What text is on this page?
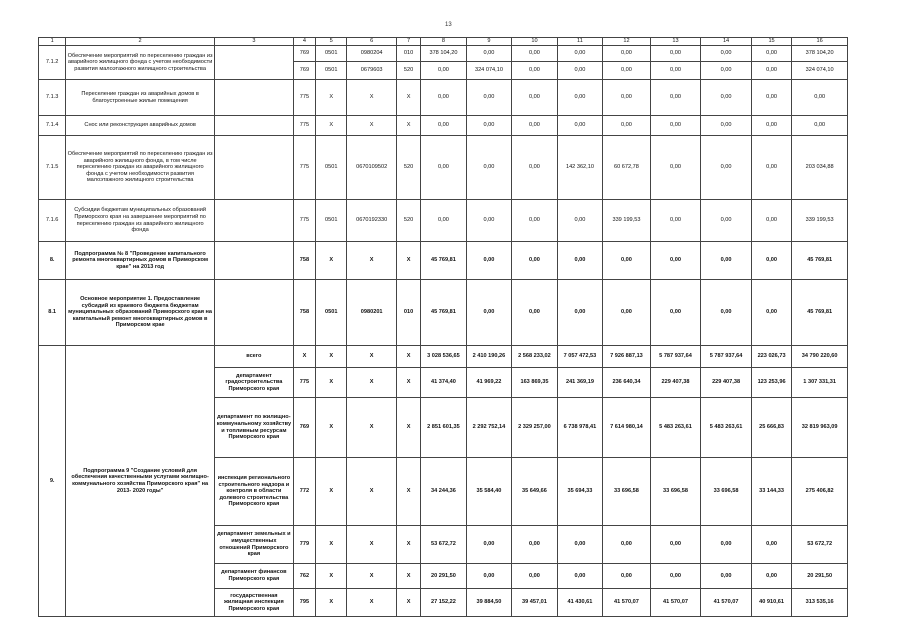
13
1	2	3	4	5	6	7	8	9	10	11	12	13	14	15	16
7.1.2	Обеспечение мероприятий по переселению граждан из аварийного жилищного фонда с учетом необходимости развития малоэтажного жилищного строительства		769	0501	0980204	010	378 104,20	0,00	0,00	0,00	0,00	0,00	0,00	0,00	378 104,20
			769	0501	0679603	520	0,00	324 074,10	0,00	0,00	0,00	0,00	0,00	0,00	324 074,10
7.1.3	Переселение граждан из аварийных домов в благоустроенные жилые помещения		775	X	X	X	0,00	0,00	0,00	0,00	0,00	0,00	0,00	0,00	0,00
7.1.4	Снос или реконструкция аварийных домов		775	X	X	X	0,00	0,00	0,00	0,00	0,00	0,00	0,00	0,00	0,00
7.1.5	Обеспечение мероприятий по переселению граждан из аварийного жилищного фонда, в том числе переселению граждан из аварийного жилищного фонда с учетом необходимости развития малоэтажного жилищного строительства		775	0501	0670109502	520	0,00	0,00	0,00	142 362,10	60 672,78	0,00	0,00	0,00	203 034,88
7.1.6	Субсидии бюджетам муниципальных образований Приморского края на завершение мероприятий по переселению граждан из аварийного жилищного фонда		775	0501	0670192330	520	0,00	0,00	0,00	0,00	339 199,53	0,00	0,00	0,00	339 199,53
8.	Подпрограмма № 8 "Проведение капитального ремонта многоквартирных домов в Приморском крае" на 2013 год		758	X	X	X	45 769,81	0,00	0,00	0,00	0,00	0,00	0,00	0,00	45 769,81
8.1	Основное мероприятие 1. Предоставление субсидий из краевого бюджета бюджетам муниципальных образований Приморского края на капитальный ремонт многоквартирных домов в Приморском крае		758	0501	0980201	010	45 769,81	0,00	0,00	0,00	0,00	0,00	0,00	0,00	45 769,81
9.	Подпрограмма 9 "Создание условий для обеспечения качественными услугами жилищно-коммунального хозяйства Приморского края" на 2013- 2020 годы"	всего	X	X	X	X	3 028 536,65	2 410 190,26	2 568 233,02	7 057 472,53	7 926 887,13	5 787 937,64	5 787 937,64	223 026,73	34 790 220,60
		департамент градостроительства Приморского края	775	X	X	X	41 374,40	41 969,22	163 869,35	241 369,19	236 640,34	229 407,38	229 407,38	123 253,96	1 307 331,31
		департамент по жилищно-коммунальному хозяйству и топливным ресурсам Приморского края	769	X	X	X	2 851 601,35	2 292 752,14	2 329 257,00	6 738 978,41	7 614 980,14	5 483 263,61	5 483 263,61	25 666,83	32 819 963,09
		инспекция регионального строительного надзора и контроля в области долевого строительства Приморского края	772	X	X	X	34 244,36	35 584,40	35 649,66	35 694,33	33 696,58	33 696,58	33 696,58	33 144,33	275 406,82
		департамент земельных и имущественных отношений Приморского края	779	X	X	X	53 672,72	0,00	0,00	0,00	0,00	0,00	0,00	0,00	53 672,72
		департамент финансов Приморского края	762	X	X	X	20 291,50	0,00	0,00	0,00	0,00	0,00	0,00	0,00	20 291,50
		государственная жилищная инспекция Приморского края	795	X	X	X	27 152,22	39 884,50	39 457,01	41 430,61	41 570,07	41 570,07	41 570,07	40 910,61	313 535,16
